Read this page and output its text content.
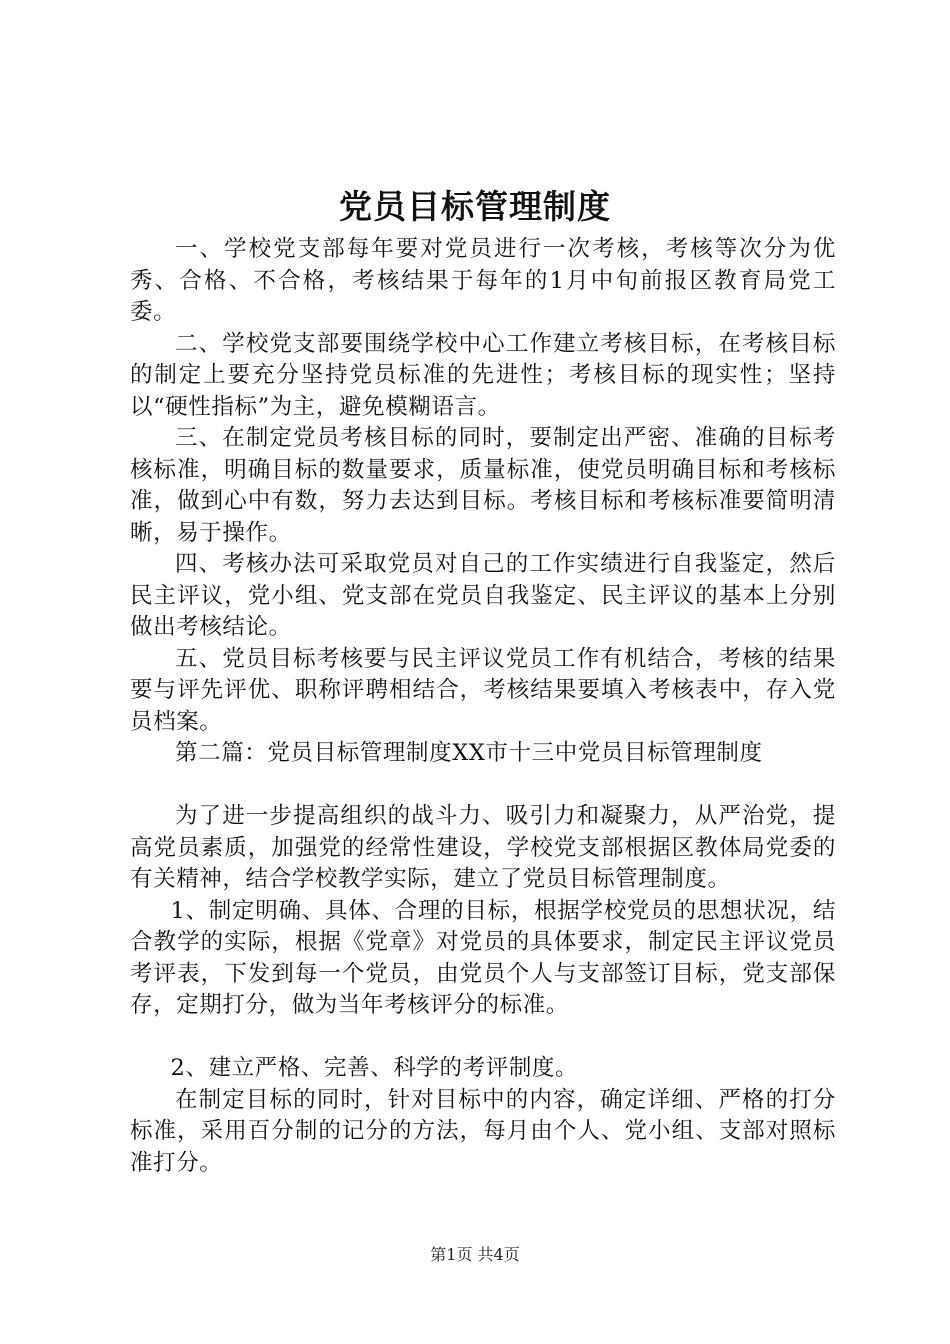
党员目标管理制度

一、学校党支部每年要对党员进行一次考核，考核等次分为优秀、合格、不合格，考核结果于每年的1月中旬前报区教育局党工委。

二、学校党支部要围绕学校中心工作建立考核目标，在考核目标的制定上要充分坚持党员标准的先进性；考核目标的现实性；坚持以“硬性指标”为主，避免模糊语言。

三、在制定党员考核目标的同时，要制定出严密、准确的目标考核标准，明确目标的数量要求，质量标准，使党员明确目标和考核标准，做到心中有数，努力去达到目标。考核目标和考核标准要简明清晰，易于操作。

四、考核办法可采取党员对自己的工作实绩进行自我鉴定，然后民主评议，党小组、党支部在党员自我鉴定、民主评议的基本上分别做出考核结论。

五、党员目标考核要与民主评议党员工作有机结合，考核的结果要与评先评优、职称评聘相结合，考核结果要填入考核表中，存入党员档案。

第二篇：党员目标管理制度XX市十三中党员目标管理制度

为了进一步提高组织的战斗力、吸引力和凝聚力，从严治党，提高党员素质，加强党的经常性建设，学校党支部根据区教体局党委的有关精神，结合学校教学实际，建立了党员目标管理制度。

1、制定明确、具体、合理的目标，根据学校党员的思想状况，结合教学的实际，根据《党章》对党员的具体要求，制定民主评议党员考评表，下发到每一个党员，由党员个人与支部签订目标，党支部保存，定期打分，做为当年考核评分的标准。

2、建立严格、完善、科学的考评制度。

在制定目标的同时，针对目标中的内容，确定详细、严格的打分标准，采用百分制的记分的方法，每月由个人、党小组、支部对照标准打分。

第1页 共4页
